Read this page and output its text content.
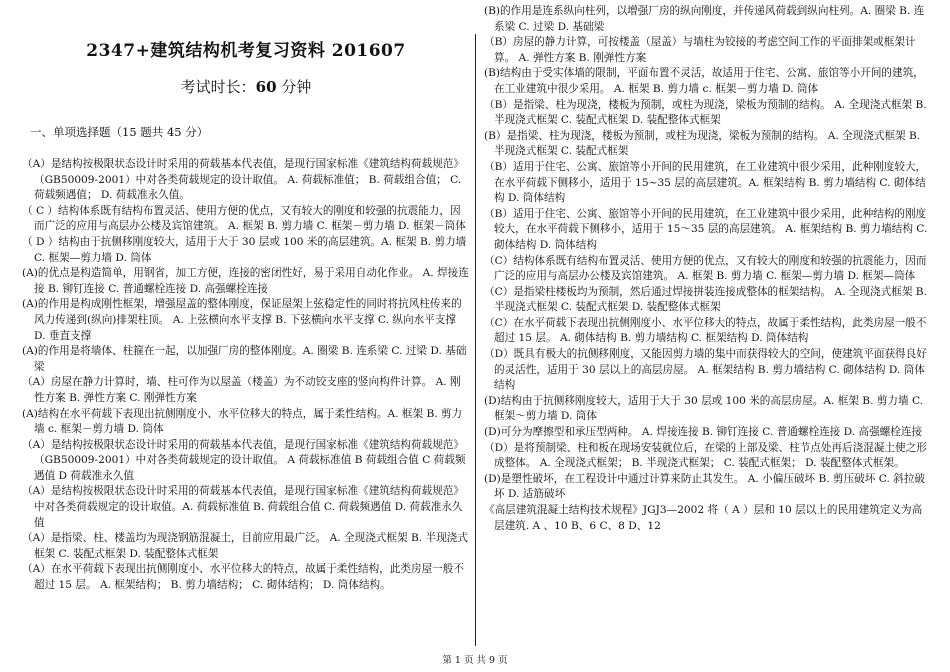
2347+建筑结构机考复习资料 201607
考试时长：60 分钟
一、单项选择题（15 题共 45 分）

（A）是结构按极限状态设计时采用的荷载基本代表值，是现行国家标准《建筑结构荷载规范》（GB50009-2001）中对各类荷载规定的设计取值。 A. 荷载标准值； B. 荷载组合值； C. 荷载频遇值； D. 荷载准永久值。

（ C ）结构体系既有结构布置灵活、使用方便的优点，又有较大的刚度和较强的抗震能力，因而广泛的应用与高层办公楼及宾馆建筑。 A. 框架 B. 剪力墙 C. 框架－剪力墙 D. 框架－筒体

（ D ）结构由于抗侧移刚度较大，适用于大于 30 层或 100 米的高层建筑。A. 框架 B. 剪力墙 C. 框架—剪力墙 D. 筒体

(A)的优点是构造简单，用钢省，加工方便，连接的密闭性好，易于采用自动化作业。 A. 焊接连接 B. 铆钉连接 C. 普通螺栓连接 D. 高强螺栓连接

(A)的作用是构成刚性框架，增强屋盖的整体刚度，保证屋架上弦稳定性的同时将抗风柱传来的风力传递到(纵向)排架柱顶。 A. 上弦横向水平支撑 B. 下弦横向水平支撑 C. 纵向水平支撑 D. 垂直支撑

(A)的作用是将墙体、柱箍在一起，以加强厂房的整体刚度。A. 圈梁 B. 连系梁 C. 过梁 D. 基础梁

（A）房屋在静力计算时，墙、柱可作为以屋盖（楼盖）为不动铰支座的竖向构件计算。 A. 刚性方案 B. 弹性方案 C. 刚弹性方案

(A)结构在水平荷载下表现出抗侧刚度小、水平位移大的特点，属于柔性结构。A. 框架 B. 剪力墙 c. 框架－剪力墙 D. 筒体

（A）是结构按极限状态设计时采用的荷载基本代表值，是现行国家标准《建筑结构荷载规范》（GB50009-2001）中对各类荷载规定的设计取值。 A 荷载标准值 B 荷载组合值 C 荷载频遇值 D 荷载准永久值

（A）是结构按极限状态设计时采用的荷载基本代表值，是现行国家标准《建筑结构荷载规范》中对各类荷载规定的设计取值。A. 荷载标准值 B. 荷载组合值 C. 荷载频遇值 D. 荷载准永久值

（A）是指梁、柱、楼盖均为现浇钢筋混凝土，目前应用最广泛。 A. 全现浇式框架 B. 半现浇式框架 C. 装配式框架 D. 装配整体式框架

（A）在水平荷载下表现出抗侧刚度小、水平位移大的特点，故属于柔性结构，此类房屋一般不超过 15 层。 A. 框架结构； B. 剪力墙结构； C. 砌体结构； D. 筒体结构。

(B)的作用是连系纵向柱列，以增强厂房的纵向刚度，并传递风荷载到纵向柱列。A. 圈梁 B. 连系梁 C. 过梁 D. 基础梁

（B）房屋的静力计算，可按楼盖（屋盖）与墙柱为铰接的考虑空间工作的平面排架或框架计算。 A. 弹性方案 B. 刚弹性方案

(B)结构由于受实体墙的限制，平面布置不灵活，故适用于住宅、公寓、旅馆等小开间的建筑，在工业建筑中很少采用。 A. 框架 B. 剪力墙 c. 框架－剪力墙 D. 筒体

（B）是指梁、柱为现浇，楼板为预制，或柱为现浇，梁板为预制的结构。 A. 全现浇式框架 B. 半现浇式框架 C. 装配式框架 D. 装配整体式框架

(B）是指梁、柱为现浇，楼板为预制，或柱为现浇，梁板为预制的结构。 A. 全现浇式框架 B. 半现浇式框架 C. 装配式框架

（B）适用于住宅、公寓、旅馆等小开间的民用建筑，在工业建筑中很少采用，此种刚度较大，在水平荷载下侧移小，适用于 15~35 层的高层建筑。A. 框架结构 B. 剪力墙结构 C. 砌体结构 D. 筒体结构

（B）适用于住宅、公寓、旅馆等小开间的民用建筑，在工业建筑中很少采用，此种结构的刚度较大，在水平荷载下侧移小，适用于 15～35 层的高层建筑。 A. 框架结构 B. 剪力墙结构 C. 砌体结构 D. 筒体结构

（C）结构体系既有结构布置灵活、使用方便的优点，又有较大的刚度和较强的抗震能力，因而广泛的应用与高层办公楼及宾馆建筑。 A. 框架 B. 剪力墙 C. 框架—剪力墙 D. 框架—筒体

（C）是指梁柱楼板均为预制，然后通过焊接拼装连接成整体的框架结构。 A. 全现浇式框架 B. 半现浇式框架 C. 装配式框架 D. 装配整体式框架

（C）在水平荷载下表现出抗侧刚度小、水平位移大的特点，故属于柔性结构，此类房屋一般不超过 15 层。 A. 砌体结构 B. 剪力墙结构 C. 框架结构 D. 筒体结构

（D）既具有极大的抗侧移刚度，又能因剪力墙的集中而获得较大的空间，使建筑平面获得良好的灵活性，适用于 30 层以上的高层房屋。 A. 框架结构 B. 剪力墙结构 C. 砌体结构 D. 筒体结构

(D)结构由于抗侧移刚度较大，适用于大于 30 层或 100 米的高层房屋。A. 框架 B. 剪力墙 C. 框架～剪力墙 D. 筒体

(D)可分为摩擦型和承压型两种。 A. 焊接连接 B. 铆钉连接 C. 普通螺栓连接 D. 高强螺栓连接

（D）是将预制梁、柱和板在现场安装就位后，在梁的上部及梁、柱节点处再后浇混凝土使之形成整体。 A. 全现浇式框架； B. 半现浇式框架； C. 装配式框架； D. 装配整体式框架。

(D)是塑性破坏，在工程设计中通过计算来防止其发生。 A. 小偏压破坏 B. 剪压破坏 C. 斜拉破坏 D. 适筋破坏

《高层建筑混凝土结构技术规程》JGJ3—2002 将（ A ）层和 10 层以上的民用建筑定义为高层建筑. A 、10 B、6 C、8 D、12

第 1 页 共 9 页
